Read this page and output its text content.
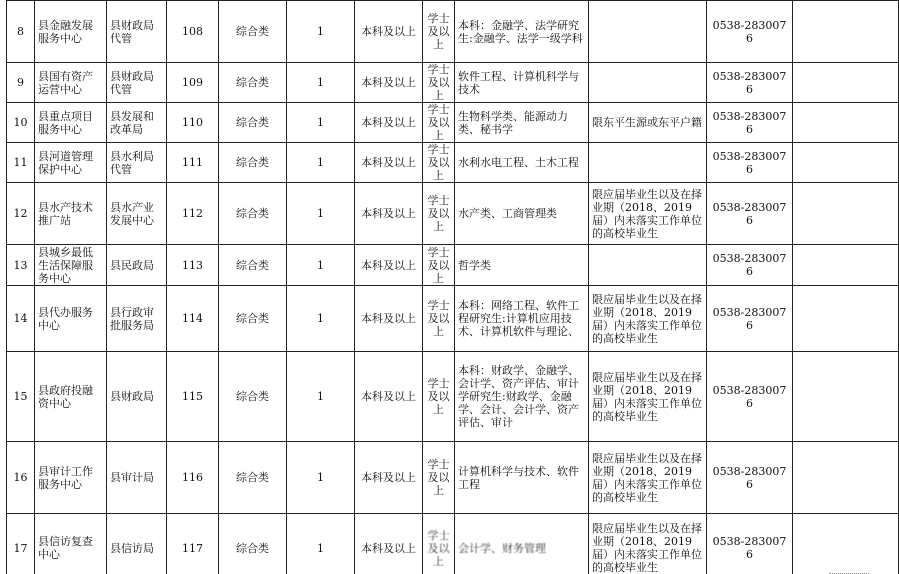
8	县金融发展服务中心	县财政局代管	108	综合类	1	本科及以上	学士及以上	本科：金融学、法学研究生:金融学、法学一级学科		0538-2830076	
9	县国有资产运营中心	县财政局代管	109	综合类	1	本科及以上	学士及以上	软件工程、计算机科学与技术		0538-2830076	
10	县重点项目服务中心	县发展和改革局	110	综合类	1	本科及以上	学士及以上	生物科学类、能源动力类、秘书学	限东平生源或东平户籍	0538-2830076	
11	县河道管理保护中心	县水利局代管	111	综合类	1	本科及以上	学士及以上	水利水电工程、土木工程		0538-2830076	
12	县水产技术推广站	县水产业发展中心	112	综合类	1	本科及以上	学士及以上	水产类、工商管理类	限应届毕业生以及在择业期（2018、2019届）内未落实工作单位的高校毕业生	0538-2830076	
13	县城乡最低生活保障服务中心	县民政局	113	综合类	1	本科及以上	学士及以上	哲学类		0538-2830076	
14	县代办服务中心	县行政审批服务局	114	综合类	1	本科及以上	学士及以上	本科：网络工程、软件工程研究生:计算机应用技术、计算机软件与理论、	限应届毕业生以及在择业期（2018、2019届）内未落实工作单位的高校毕业生	0538-2830076	
15	县政府投融资中心	县财政局	115	综合类	1	本科及以上	学士及以上	本科：财政学、金融学、会计学、资产评估、审计学研究生:财政学、金融学、会计、会计学、资产评估、审计	限应届毕业生以及在择业期（2018、2019届）内未落实工作单位的高校毕业生	0538-2830076	
16	县审计工作服务中心	县审计局	116	综合类	1	本科及以上	学士及以上	计算机科学与技术、软件工程	限应届毕业生以及在择业期（2018、2019届）内未落实工作单位的高校毕业生	0538-2830076	
17	县信访复查中心	县信访局	117	综合类	1	本科及以上	学士及以上	会计学、财务管理	限应届毕业生以及在择业期（2018、2019届）内未落实工作单位的高校毕业生	0538-2830076	
